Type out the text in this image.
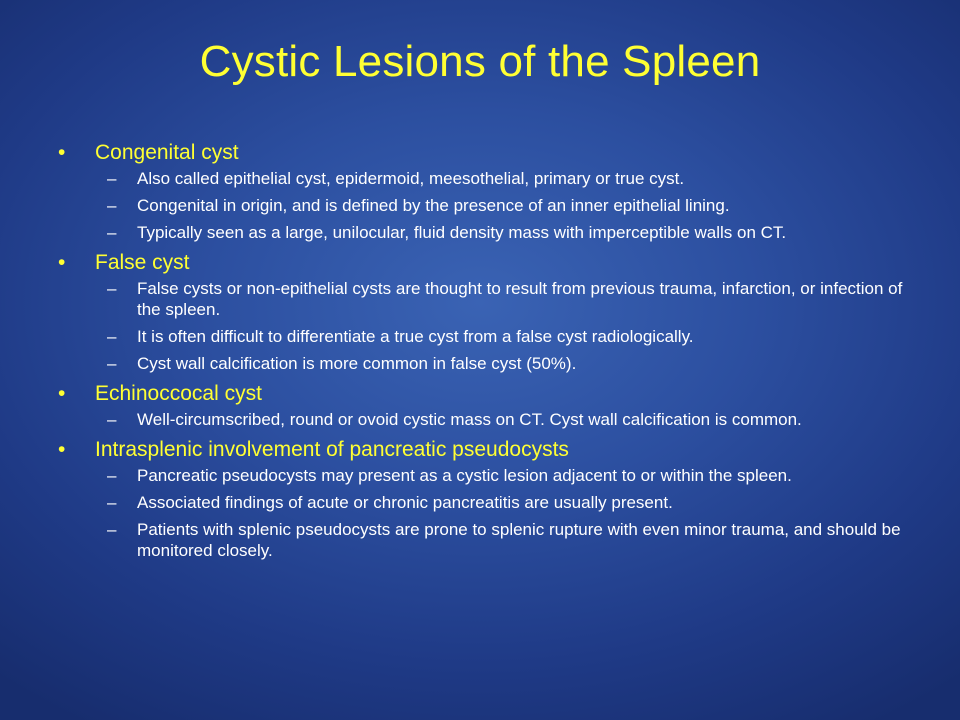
Cystic Lesions of the Spleen
• Congenital cyst
– Also called epithelial cyst, epidermoid, meesothelial, primary or true cyst.
– Congenital in origin, and is defined by the presence of an inner epithelial lining.
– Typically seen as a large, unilocular, fluid density mass with imperceptible walls on CT.
• False cyst
– False cysts or non-epithelial cysts are thought to result from previous trauma, infarction, or infection of the spleen.
– It is often difficult to differentiate a true cyst from a false cyst radiologically.
– Cyst wall calcification is more common in false cyst (50%).
• Echinoccocal cyst
– Well-circumscribed, round or ovoid cystic mass on CT. Cyst wall calcification is common.
• Intrasplenic involvement of pancreatic pseudocysts
– Pancreatic pseudocysts may present as a cystic lesion adjacent to or within the spleen.
– Associated findings of acute or chronic pancreatitis are usually present.
– Patients with splenic pseudocysts are prone to splenic rupture with even minor trauma, and should be monitored closely.
